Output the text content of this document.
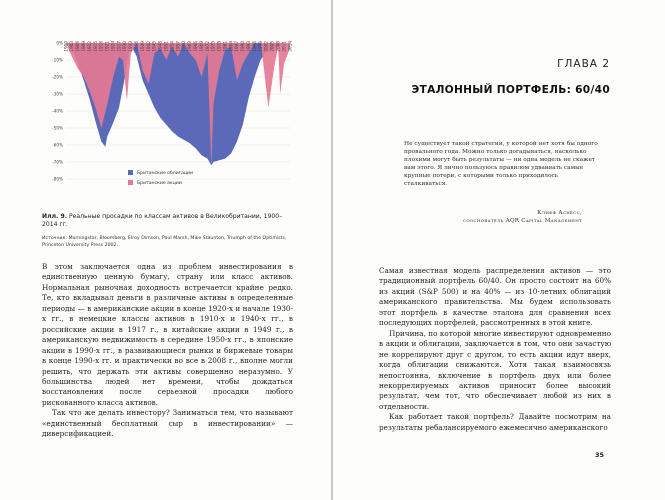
1900 1903 1906 1909 1912 1915 1918 1921 1924 1927 1930 1933 1936 1939 1942 1945 1948 1951 1954 1957 1960 1963 1966 1969 1972 1975 1978 1981 1984 1987 1990 1993 1996 1999 2002 2005 2008 2011 2014
0%
-10%
-20%
-30%
-40%
-50%
-60%
-70%
-80%
Британские облигации
Британские акции
Илл. 9. Реальные просадки по классам активов в Великобритании, 1900–2014 гг.
Источник: Morningstar, Bloomberg, Elroy Dimson, Paul Marsh, Mike Staunton, Triumph of the Optimists, Princeton University Press 2002.

В этом заключается одна из проблем инвестирования в единственную ценную бумагу, страну или класс активов. Нормальная рыночная доходность встречается крайне редко. Те, кто вкладывал деньги в различные активы в определенные периоды — в американские акции в конце 1920-х и начале 1930-х гг., в немецкие классы активов в 1910-х и 1940-х гг., в российские акции в 1917 г., в китайские акции в 1949 г., в американскую недвижимость в середине 1950-х гг., в японские акции в 1990-х гг., в развивающиеся рынки и биржевые товары в конце 1990-х гг. и практически во все в 2008 г., вполне могли решить, что держать эти активы совершенно неразумно. У большинства людей нет времени, чтобы дождаться восстановления после серьезной просадки любого рискованного класса активов.

Так что же делать инвестору? Заниматься тем, что называют «единственный бесплатный сыр в инвестировании» — диверсификацией.

ГЛАВА 2
ЭТАЛОННЫЙ ПОРТФЕЛЬ: 60/40
Не существует такой стратегии, у которой нет хотя бы одного провального года. Можно только догадываться, насколько плохими могут быть результаты — ни одна модель не скажет вам этого. Я лично пользуюсь правилом удваивать самые крупные потери, с которыми только приходилось сталкиваться.
Клифф Аснесс,
сооснователь AQR Capital Management

Самая известная модель распределения активов — это традиционный портфель 60/40. Он просто состоит на 60% из акций (S&P 500) и на 40% — из 10-летних облигаций американского правительства. Мы будем использовать этот портфель в качестве эталона для сравнения всех последующих портфелей, рассмотренных в этой книге.

Причина, по которой многие инвестируют одновременно в акции и облигации, заключается в том, что они зачастую не коррелируют друг с другом, то есть акции идут вверх, когда облигации снижаются. Хотя такая взаимосвязь непостоянна, включение в портфель двух или более некоррелируемых активов приносит более высокий результат, чем тот, что обеспечивает любой из них в отдельности.

Как работает такой портфель? Давайте посмотрим на результаты ребалансируемого ежемесячно американского

35
